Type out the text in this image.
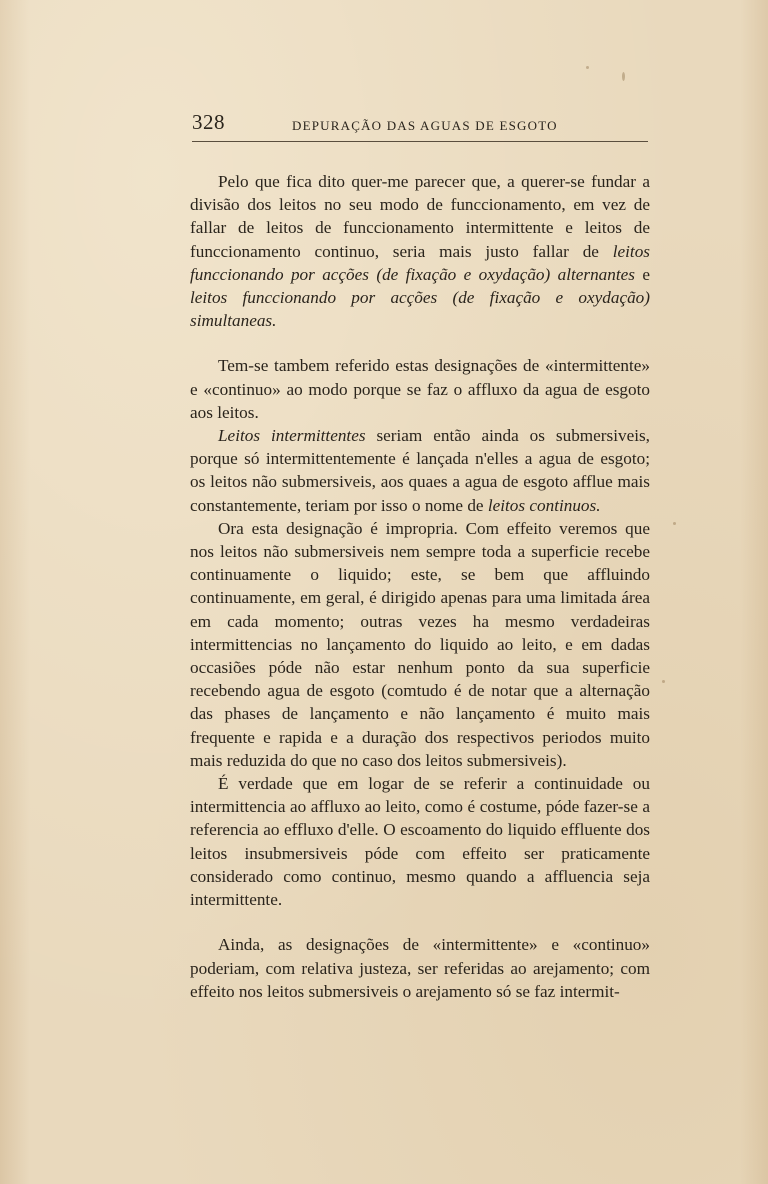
328	DEPURAÇÃO DAS AGUAS DE ESGOTO

Pelo que fica dito quer-me parecer que, a querer-se fundar a divisão dos leitos no seu modo de funccionamento, em vez de fallar de leitos de funccionamento intermittente e leitos de funccionamento continuo, seria mais justo fallar de leitos funccionando por acções (de fixação e oxydação) alternantes e leitos funccionando por acções (de fixação e oxydação) simultaneas.

Tem-se tambem referido estas designações de «intermittente» e «continuo» ao modo porque se faz o affluxo da agua de esgoto aos leitos.

Leitos intermittentes seriam então ainda os submersiveis, porque só intermittentemente é lançada n'elles a agua de esgoto; os leitos não submersiveis, aos quaes a agua de esgoto afflue mais constantemente, teriam por isso o nome de leitos continuos.

Ora esta designação é impropria. Com effeito veremos que nos leitos não submersiveis nem sempre toda a superficie recebe continuamente o liquido; este, se bem que affluindo continuamente, em geral, é dirigido apenas para uma limitada área em cada momento; outras vezes ha mesmo verdadeiras intermittencias no lançamento do liquido ao leito, e em dadas occasiões póde não estar nenhum ponto da sua superficie recebendo agua de esgoto (comtudo é de notar que a alternação das phases de lançamento e não lançamento é muito mais frequente e rapida e a duração dos respectivos periodos muito mais reduzida do que no caso dos leitos submersiveis).

É verdade que em logar de se referir a continuidade ou intermittencia ao affluxo ao leito, como é costume, póde fazer-se a referencia ao effluxo d'elle. O escoamento do liquido effluente dos leitos insubmersiveis póde com effeito ser praticamente considerado como continuo, mesmo quando a affluencia seja intermittente.

Ainda, as designações de «intermittente» e «continuo» poderiam, com relativa justeza, ser referidas ao arejamento; com effeito nos leitos submersiveis o arejamento só se faz intermit-
